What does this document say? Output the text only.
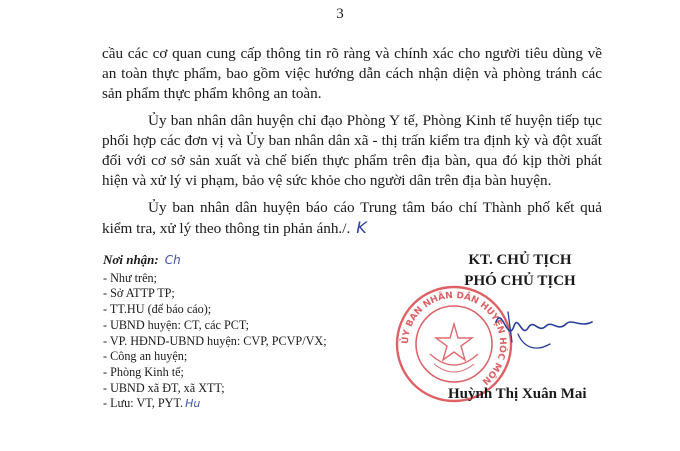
3

cầu các cơ quan cung cấp thông tin rõ ràng và chính xác cho người tiêu dùng về an toàn thực phẩm, bao gồm việc hướng dẫn cách nhận diện và phòng tránh các sản phẩm thực phẩm không an toàn.

Ủy ban nhân dân huyện chỉ đạo Phòng Y tế, Phòng Kinh tế huyện tiếp tục phối hợp các đơn vị và Ủy ban nhân dân xã - thị trấn kiểm tra định kỳ và đột xuất đối với cơ sở sản xuất và chế biến thực phẩm trên địa bàn, qua đó kịp thời phát hiện và xử lý vi phạm, bảo vệ sức khỏe cho người dân trên địa bàn huyện.

Ủy ban nhân dân huyện báo cáo Trung tâm báo chí Thành phố kết quả kiểm tra, xử lý theo thông tin phản ánh./. K

Nơi nhận: Ch
- Như trên;
- Sở ATTP TP;
- TT.HU (để báo cáo);
- UBND huyện: CT, các PCT;
- VP. HĐND-UBND huyện: CVP, PCVP/VX;
- Công an huyện;
- Phòng Kinh tế;
- UBND xã ĐT, xã XTT;
- Lưu: VT, PYT. Hu
KT. CHỦ TỊCH
PHÓ CHỦ TỊCH
ỦY BAN NHÂN DÂN HUYỆN HÓC MÔN
Huỳnh Thị Xuân Mai
